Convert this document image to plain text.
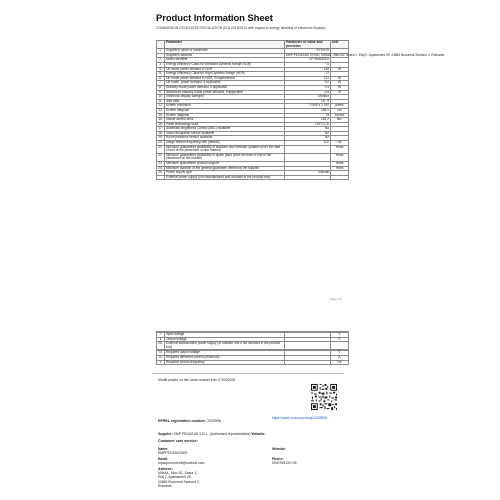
Product Information Sheet
COMMISSION DELEGATED REGULATION (EU) 2019/2013 with regard to energy labelling of electronic displays
	Parameter	Parameter or value and precision	Unit
1.	Supplier's name or trademark	SYLVOX	
	Supplier's address	EMP PEGASUS EOOD, MIHAIL, Bloc A2, Scara 1, Etaj 2, Apartament 09, 23882 Bucuresti Sectorul 2, Romania	
2.	Model identifier	CP75AA40EU	
3.	Energy Efficiency Class for Standard Dynamic Range (SDR)	G	
4.	On mode power demand in SDR	135	W
5.	Energy Efficiency Class for High Dynamic Range (HDR)	G	
6.	On mode power demand in HDR, if implemented	211	W
7.	Off mode, power demand, if applicable	0,0	W
8.	Standby mode power demand, if applicable	0,4	W
9.	Networked standby mode power demand, if applicable	0,5	W
10.	Electronic display category	Monitor	
11.	Size ratio	16 : 9	
12.	Screen resolution	3 840 x 2 160	pixels
13.	Screen diagonal	189,0	cm
14.	Screen diagonal	75	inches
15.	Visible screen area	154,2	dm²
16.	Panel technology used	LED LCD	
17.	Automatic Brightness Control (ABC) available	No	
18.	Voice recognition sensor available	No	
19.	Room presence sensor available	No	
20.	Image refresh frequency rate (default)	120	Hz
21.	Minimum guaranteed availability of software and firmware updates (from the date of end of the placement on the market)		Years
22.	Minimum guaranteed availability of spare parts (from the date of end of the placement on the market)		Years
23.	Minimum guaranteed product support		Years
24.	Minimum duration of the general guarantee offered by the supplier		Years
25.	Power supply type	Internal	
	External power supply (non-standardised and included in the product box)		
Page 1/2

i	Input voltage		V
ii	Output voltage		V
26.	External standardised power supply (or suitable one if not included in the product box)		

iii	Required output voltage		V
iv	Required delivered current (minimum)		A
v	Required current frequency		Hz
Model placed on the Union market from 07/03/2025
EPREL registration number: 2329596
https://eprel.ec.europa.eu/qr/2329596
Supplier: EMP PEGASUS S.R.L. (Authorised representative) Website:
Customer care service:
Name:
EMPPEGASUS000
Website:
Email:
mpsoporcorreo8@outlook.com
Phone:
0040768131745
Address:
MIHAIL, Bloc A2, Scara 1,
Etaj 2, Apartament 09,
23882 Bucuresti Sectorul 2,
Romania
